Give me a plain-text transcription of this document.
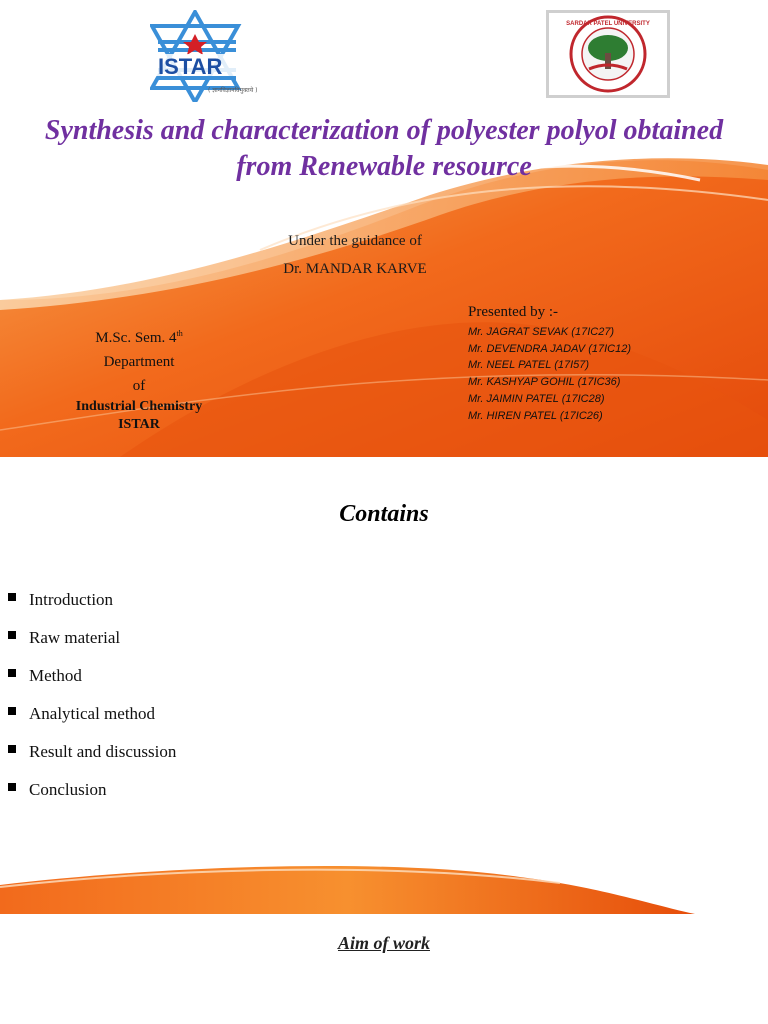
ISTAR
( ज्ञानविज्ञानविमुक्तये )
SARDAR PATEL UNIVERSITY
Synthesis and characterization of polyester polyol obtained
from Renewable resource
Under the guidance of
Dr. MANDAR KARVE
M.Sc. Sem. 4th
Department
of
Industrial Chemistry
ISTAR
Presented by :-
Mr. JAGRAT SEVAK (17IC27)
Mr. DEVENDRA JADAV (17IC12)
Mr. NEEL PATEL (17I57)
Mr. KASHYAP GOHIL (17IC36)
Mr. JAIMIN PATEL (17IC28)
Mr. HIREN PATEL (17IC26)
Contains
Introduction
Raw material
Method
Analytical method
Result and discussion
Conclusion
Aim of work
